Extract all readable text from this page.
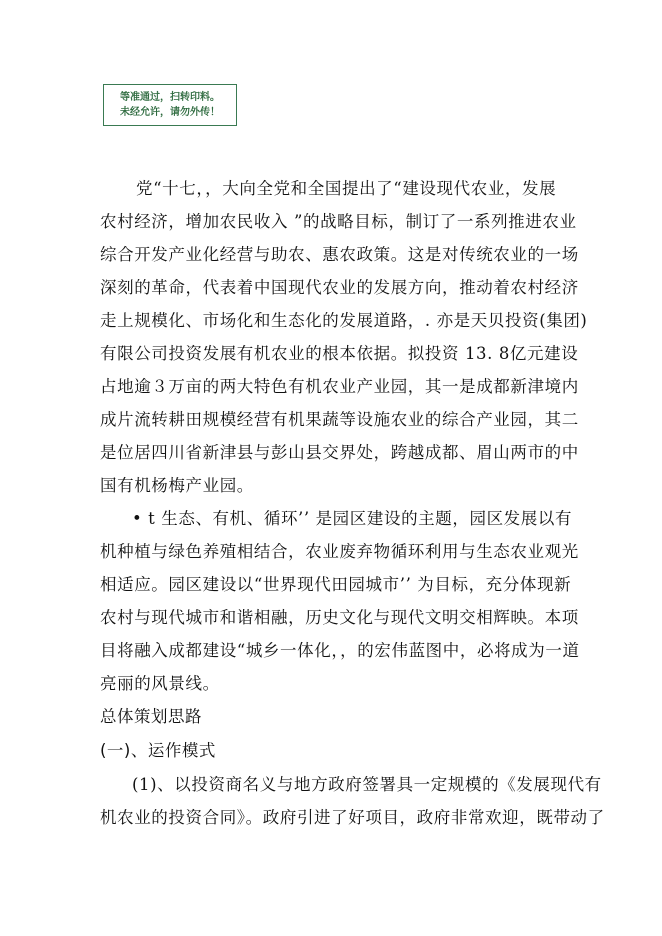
等准通过，扫转印料。
未经允许，请勿外传！
党“十七，，大向全党和全国提出了“建设现代农业，发展
农村经济，增加农民收入 ”的战略目标，制订了一系列推进农业
综合开发产业化经营与助农、惠农政策。这是对传统农业的一场
深刻的革命，代表着中国现代农业的发展方向，推动着农村经济
走上规模化、市场化和生态化的发展道路，. 亦是天贝投资(集团)
有限公司投资发展有机农业的根本依据。拟投资 13. 8亿元建设
占地逾３万亩的两大特色有机农业产业园，其一是成都新津境内
成片流转耕田规模经营有机果蔬等设施农业的综合产业园，其二
是位居四川省新津县与彭山县交界处，跨越成都、眉山两市的中
国有机杨梅产业园。
• t 生态、有机、循环’’ 是园区建设的主题，园区发展以有
机种植与绿色养殖相结合，农业废弃物循环利用与生态农业观光
相适应。园区建设以“世界现代田园城市’’ 为目标，充分体现新
农村与现代城市和谐相融，历史文化与现代文明交相辉映。本项
目将融入成都建设“城乡一体化，，的宏伟蓝图中，必将成为一道
亮丽的风景线。
总体策划思路
(一)、运作模式
(1)、以投资商名义与地方政府签署具一定规模的《发展现代有
机农业的投资合同》。政府引进了好项目，政府非常欢迎，既带动了
